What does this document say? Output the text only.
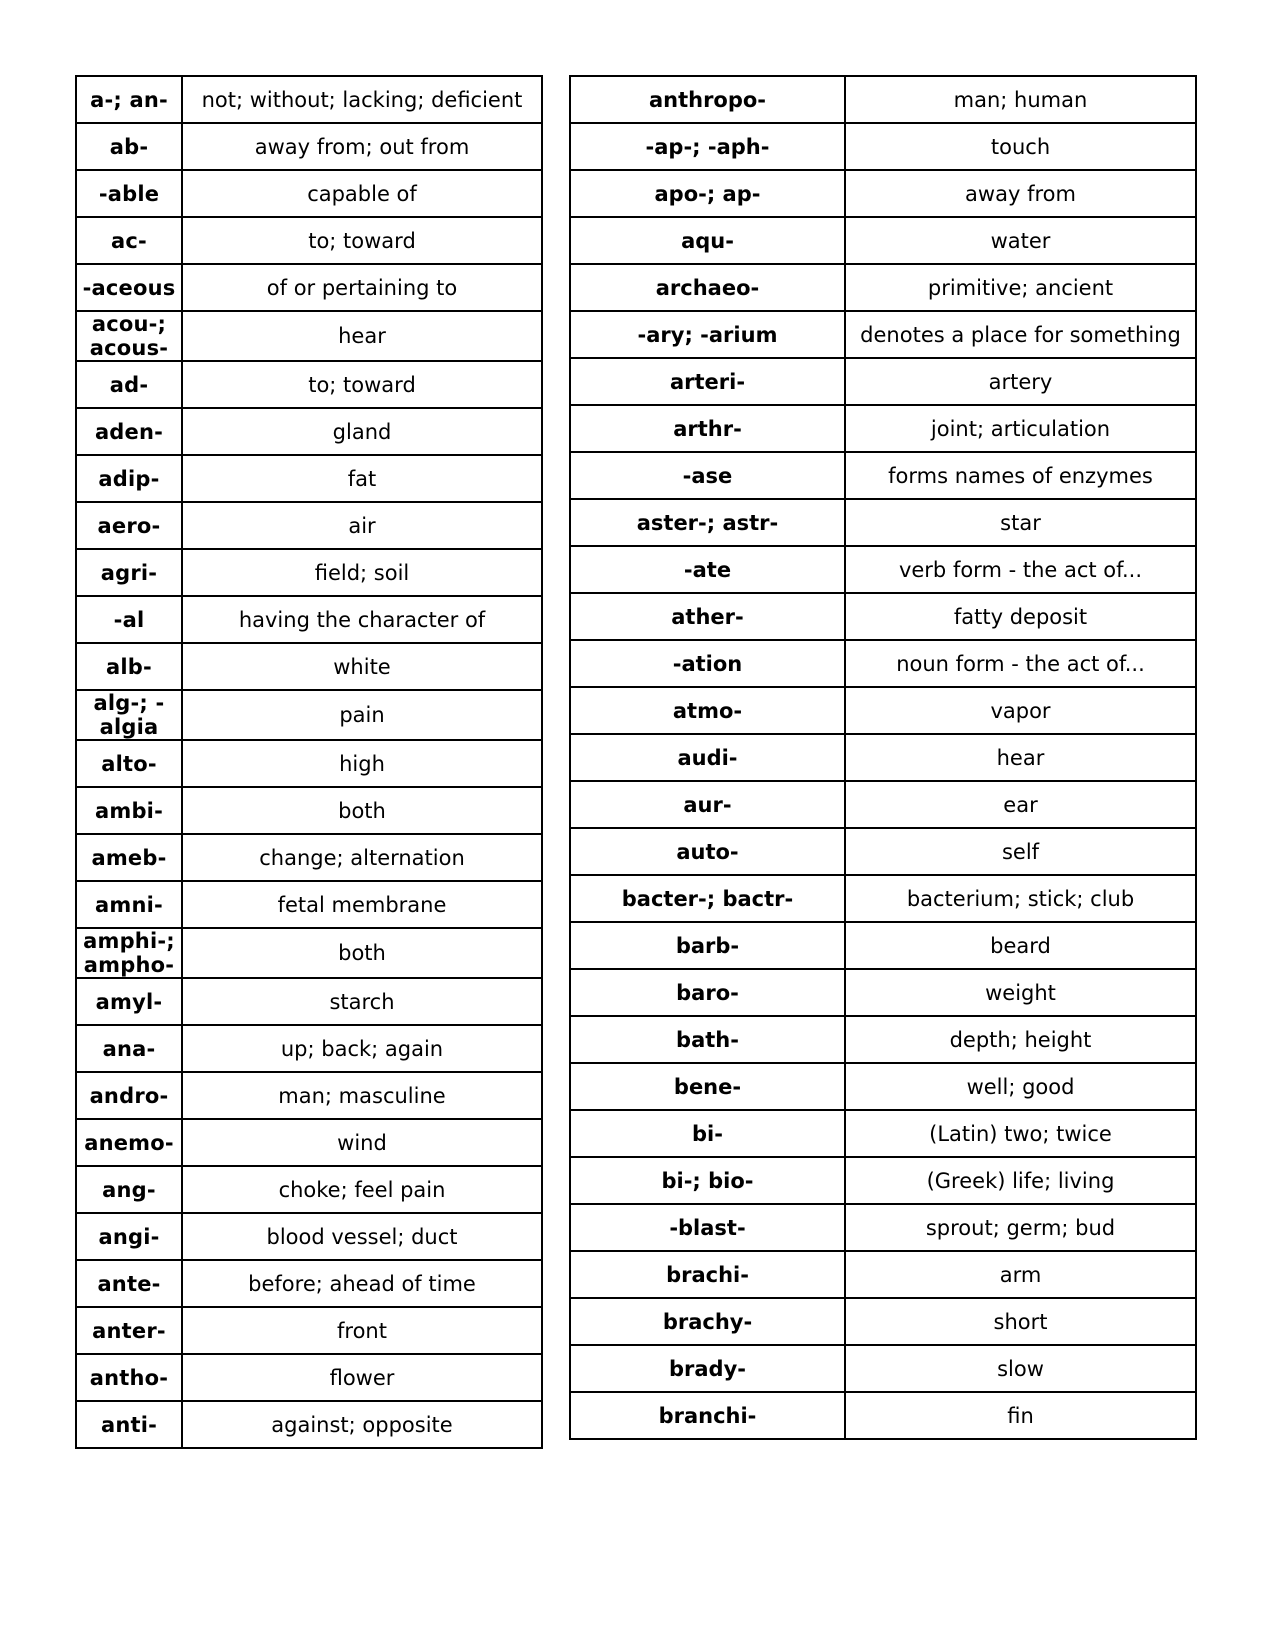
a-; an-	not; without; lacking; deficient
ab-	away from; out from
-able	capable of
ac-	to; toward
-aceous	of or pertaining to
acou-; acous-	hear
ad-	to; toward
aden-	gland
adip-	fat
aero-	air
agri-	field; soil
-al	having the character of
alb-	white
alg-; -algia	pain
alto-	high
ambi-	both
ameb-	change; alternation
amni-	fetal membrane
amphi-; ampho-	both
amyl-	starch
ana-	up; back; again
andro-	man; masculine
anemo-	wind
ang-	choke; feel pain
angi-	blood vessel; duct
ante-	before; ahead of time
anter-	front
antho-	flower
anti-	against; opposite
anthropo-	man; human
-ap-; -aph-	touch
apo-; ap-	away from
aqu-	water
archaeo-	primitive; ancient
-ary; -arium	denotes a place for something
arteri-	artery
arthr-	joint; articulation
-ase	forms names of enzymes
aster-; astr-	star
-ate	verb form - the act of...
ather-	fatty deposit
-ation	noun form - the act of...
atmo-	vapor
audi-	hear
aur-	ear
auto-	self
bacter-; bactr-	bacterium; stick; club
barb-	beard
baro-	weight
bath-	depth; height
bene-	well; good
bi-	(Latin) two; twice
bi-; bio-	(Greek) life; living
-blast-	sprout; germ; bud
brachi-	arm
brachy-	short
brady-	slow
branchi-	fin
